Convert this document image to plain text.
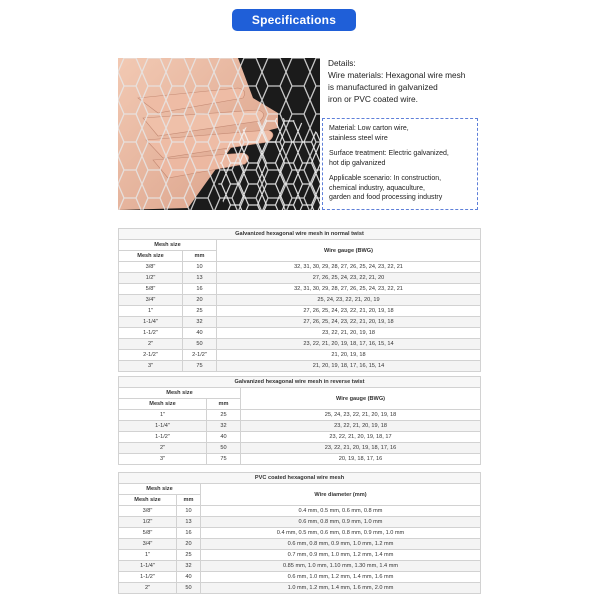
Specifications
Details:
Wire materials: Hexagonal wire mesh
is manufactured in galvanized
iron or PVC coated wire.

Material: Low carton wire,
stainless steel wire

Surface treatment: Electric galvanized,
hot dip galvanized

Applicable scenario: In construction,
chemical industry, aquaculture,
garden and food processing industry

Galvanized hexagonal wire mesh in normal twist		
Mesh size		Wire gauge (BWG)
Mesh size	mm	
3/8"	10	32, 31, 30, 29, 28, 27, 26, 25, 24, 23, 22, 21
1/2"	13	27, 26, 25, 24, 23, 22, 21, 20
5/8"	16	32, 31, 30, 29, 28, 27, 26, 25, 24, 23, 22, 21
3/4"	20	25, 24, 23, 22, 21, 20, 19
1"	25	27, 26, 25, 24, 23, 22, 21, 20, 19, 18
1-1/4"	32	27, 26, 25, 24, 23, 22, 21, 20, 19, 18
1-1/2"	40	23, 22, 21, 20, 19, 18
2"	50	23, 22, 21, 20, 19, 18, 17, 16, 15, 14
2-1/2"	2-1/2"	21, 20, 19, 18
3"	75	21, 20, 19, 18, 17, 16, 15, 14
Galvanized hexagonal wire mesh in reverse twist		
Mesh size		Wire gauge (BWG)
Mesh size	mm	
1"	25	25, 24, 23, 22, 21, 20, 19, 18
1-1/4"	32	23, 22, 21, 20, 19, 18
1-1/2"	40	23, 22, 21, 20, 19, 18, 17
2"	50	23, 22, 21, 20, 19, 18, 17, 16
3"	75	20, 19, 18, 17, 16
PVC coated hexagonal wire mesh		
Mesh size		Wire diameter (mm)
Mesh size	mm	
3/8"	10	0.4 mm, 0.5 mm, 0.6 mm, 0.8 mm
1/2"	13	0.6 mm, 0.8 mm, 0.9 mm, 1.0 mm
5/8"	16	0.4 mm, 0.5 mm, 0.6 mm, 0.8 mm, 0.9 mm, 1.0 mm
3/4"	20	0.6 mm, 0.8 mm, 0.9 mm, 1.0 mm, 1.2 mm
1"	25	0.7 mm, 0.9 mm, 1.0 mm, 1.2 mm, 1.4 mm
1-1/4"	32	0.85 mm, 1.0 mm, 1.10 mm, 1.30 mm, 1.4 mm
1-1/2"	40	0.6 mm, 1.0 mm, 1.2 mm, 1.4 mm, 1.6 mm
2"	50	1.0 mm, 1.2 mm, 1.4 mm, 1.6 mm, 2.0 mm
